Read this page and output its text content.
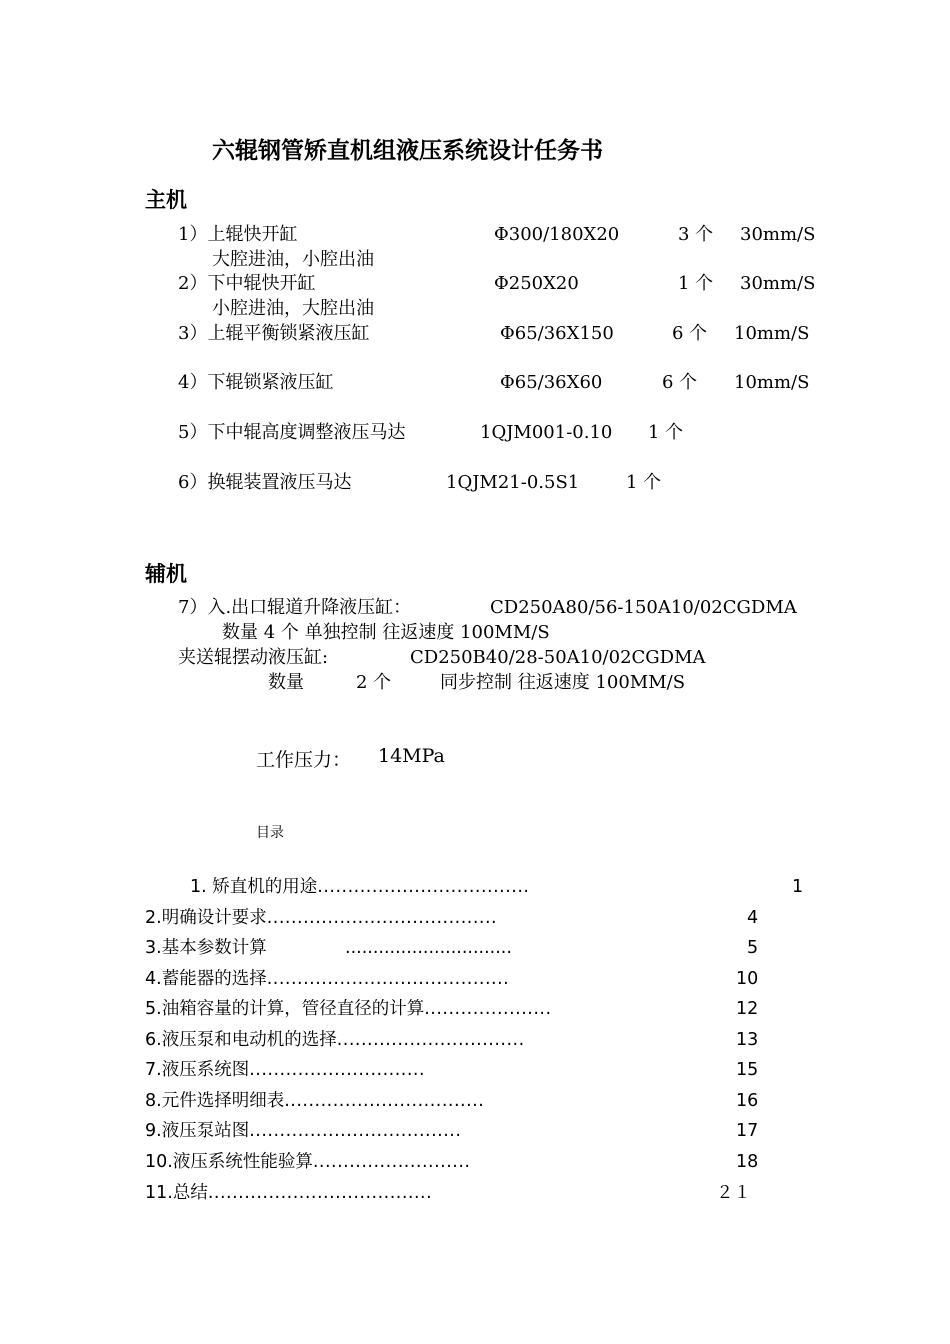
六辊钢管矫直机组液压系统设计任务书
主机
1）上辊快开缸	Φ300/180X20	3 个 30mm/S
大腔进油，小腔出油
2）下中辊快开缸	Φ250X20	1 个 30mm/S
小腔进油，大腔出油
3）上辊平衡锁紧液压缸	Φ65/36X150	6 个 10mm/S
4）下辊锁紧液压缸	Φ65/36X60	6 个 10mm/S
5）下中辊高度调整液压马达	1QJM001-0.10 1 个
6）换辊装置液压马达	1QJM21-0.5S1	1 个
辅机
7）入.出口辊道升降液压缸：	CD250A80/56-150A10/02CGDMA
数量 4 个 单独控制 往返速度 100MM/S
夹送辊摆动液压缸:	CD250B40/28-50A10/02CGDMA
数量	2 个	同步控制 往返速度 100MM/S
工作压力： 14MPa
目录
1. 矫直机的用途...................................	1
2.明确设计要求......................................	4
3.基本参数计算	..............................	5
4.蓄能器的选择........................................	10
5.油箱容量的计算，管径直径的计算.....................	12
6.液压泵和电动机的选择...............................	13
7.液压系统图.............................	15
8.元件选择明细表.................................	16
9.液压泵站图...................................	17
10.液压系统性能验算..........................	18
11.总结.....................................	２１
